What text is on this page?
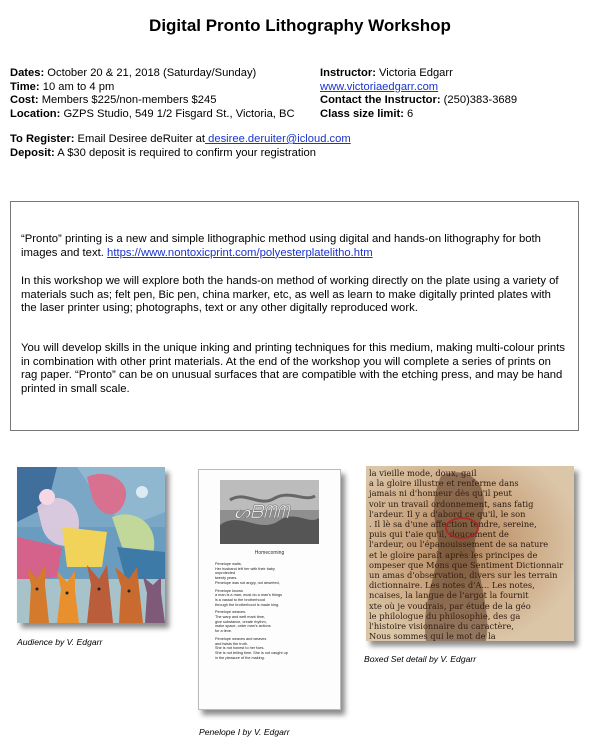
Digital Pronto Lithography Workshop
Dates: October 20 & 21, 2018 (Saturday/Sunday)
Time: 10 am to 4 pm
Cost: Members $225/non-members $245
Location: GZPS Studio, 549 1/2 Fisgard St., Victoria, BC
Instructor: Victoria Edgarr
www.victoriaedgarr.com
Contact the Instructor: (250)383-3689
Class size limit: 6
To Register: Email Desiree deRuiter at desiree.deruiter@icloud.com
Deposit: A $30 deposit is required to confirm your registration
“Pronto” printing is a new and simple lithographic method using digital and hands-on lithography for both images and text. https://www.nontoxicprint.com/polyesterplatelitho.htm
In this workshop we will explore both the hands-on method of working directly on the plate using a variety of materials such as; felt pen, Bic pen, china marker, etc, as well as learn to make digitally printed plates with the laser printer using; photographs, text or any other digitally reproduced work.
You will develop skills in the unique inking and printing techniques for this medium, making multi-colour prints in combination with other print materials. At the end of the workshop you will complete a series of prints on rag paper. “Pronto” can be on unusual surfaces that are compatible with the etching press, and may be hand printed in small scale.
Audience by V. Edgarr
ᔕᗷᗰᗰ
Homecoming
Penelope waits.
Her husband left her with their baby
unprotected
twenty years.
Penelope was not angry, not deserted,
Penelope knows
a man is a man; must do a man's things
is a vassal to the brotherhood
through the brotherhood is made king.
Penelope weaves.
The warp and weft mark time,
give substance, create rhythm,
make space, order man's actions
for a time.
Penelope weaves and weaves
and twists the truth.
She is not honest to her foes.
She is not telling time. She is not caught up
in the pleasure of the making.
Penelope I by V. Edgarr
la vieille mode, doux, gail
a la gloire illustre et renferme dans
jamais ni d'honneur dès qu'il peut
voir un travail ordonnement, sans fatig
l'ardeur. Il y a d'abord ce qu'il, le son
. Il lè sa d'une affection tendre, sereine,
puis qui t'aie qu'il, doucement de
l'ardeur, ou l'épanouissement de sa nature
et le gloire paraît après les principes de
ompeser que Mons que Sentiment Dictionnair
un amas d'observation, divers sur les terrain
dictionnaire. Les notes d'A... Les notes,
ncaises, la langue de l'argot la fournit
xte où je voudrais, par étude de la géo
le philologue du philosophie, des ga
l'histoire visionnaire du caractère,
Nous sommes qui le mot de la
Boxed Set detail by V. Edgarr
